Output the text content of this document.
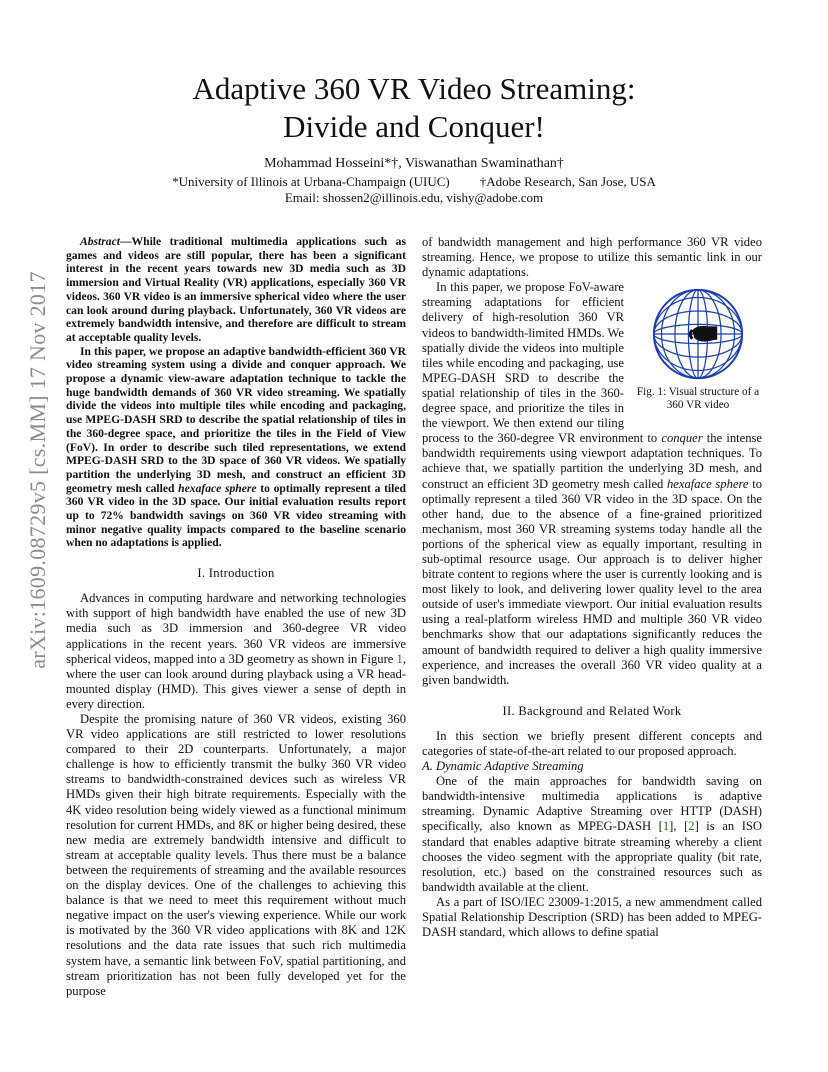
arXiv:1609.08729v5 [cs.MM] 17 Nov 2017
Adaptive 360 VR Video Streaming:
Divide and Conquer!
Mohammad Hosseini*†, Viswanathan Swaminathan†
*University of Illinois at Urbana-Champaign (UIUC) †Adobe Research, San Jose, USA
Email: shossen2@illinois.edu, vishy@adobe.com

Abstract—While traditional multimedia applications such as games and videos are still popular, there has been a significant interest in the recent years towards new 3D media such as 3D immersion and Virtual Reality (VR) applications, especially 360 VR videos. 360 VR video is an immersive spherical video where the user can look around during playback. Unfortunately, 360 VR videos are extremely bandwidth intensive, and therefore are difficult to stream at acceptable quality levels.

In this paper, we propose an adaptive bandwidth-efficient 360 VR video streaming system using a divide and conquer approach. We propose a dynamic view-aware adaptation technique to tackle the huge bandwidth demands of 360 VR video streaming. We spatially divide the videos into multiple tiles while encoding and packaging, use MPEG-DASH SRD to describe the spatial relationship of tiles in the 360-degree space, and prioritize the tiles in the Field of View (FoV). In order to describe such tiled representations, we extend MPEG-DASH SRD to the 3D space of 360 VR videos. We spatially partition the underlying 3D mesh, and construct an efficient 3D geometry mesh called hexaface sphere to optimally represent a tiled 360 VR video in the 3D space. Our initial evaluation results report up to 72% bandwidth savings on 360 VR video streaming with minor negative quality impacts compared to the baseline scenario when no adaptations is applied.

I. Introduction

Advances in computing hardware and networking technologies with support of high bandwidth have enabled the use of new 3D media such as 3D immersion and 360-degree VR video applications in the recent years. 360 VR videos are immersive spherical videos, mapped into a 3D geometry as shown in Figure 1, where the user can look around during playback using a VR head-mounted display (HMD). This gives viewer a sense of depth in every direction.

Despite the promising nature of 360 VR videos, existing 360 VR video applications are still restricted to lower resolutions compared to their 2D counterparts. Unfortunately, a major challenge is how to efficiently transmit the bulky 360 VR video streams to bandwidth-constrained devices such as wireless VR HMDs given their high bitrate requirements. Especially with the 4K video resolution being widely viewed as a functional minimum resolution for current HMDs, and 8K or higher being desired, these new media are extremely bandwidth intensive and difficult to stream at acceptable quality levels. Thus there must be a balance between the requirements of streaming and the available resources on the display devices. One of the challenges to achieving this balance is that we need to meet this requirement without much negative impact on the user's viewing experience. While our work is motivated by the 360 VR video applications with 8K and 12K resolutions and the data rate issues that such rich multimedia system have, a semantic link between FoV, spatial partitioning, and stream prioritization has not been fully developed yet for the purpose

of bandwidth management and high performance 360 VR video streaming. Hence, we propose to utilize this semantic link in our dynamic adaptations.

Fig. 1: Visual structure of a 360 VR video

In this paper, we propose FoV-aware streaming adaptations for efficient delivery of high-resolution 360 VR videos to bandwidth-limited HMDs. We spatially divide the videos into multiple tiles while encoding and packaging, use MPEG-DASH SRD to describe the spatial relationship of tiles in the 360-degree space, and prioritize the tiles in the viewport. We then extend our tiling process to the 360-degree VR environment to conquer the intense bandwidth requirements using viewport adaptation techniques. To achieve that, we spatially partition the underlying 3D mesh, and construct an efficient 3D geometry mesh called hexaface sphere to optimally represent a tiled 360 VR video in the 3D space. On the other hand, due to the absence of a fine-grained prioritized mechanism, most 360 VR streaming systems today handle all the portions of the spherical view as equally important, resulting in sub-optimal resource usage. Our approach is to deliver higher bitrate content to regions where the user is currently looking and is most likely to look, and delivering lower quality level to the area outside of user's immediate viewport. Our initial evaluation results using a real-platform wireless HMD and multiple 360 VR video benchmarks show that our adaptations significantly reduces the amount of bandwidth required to deliver a high quality immersive experience, and increases the overall 360 VR video quality at a given bandwidth.

II. Background and Related Work

In this section we briefly present different concepts and categories of state-of-the-art related to our proposed approach.

A. Dynamic Adaptive Streaming

One of the main approaches for bandwidth saving on bandwidth-intensive multimedia applications is adaptive streaming. Dynamic Adaptive Streaming over HTTP (DASH) specifically, also known as MPEG-DASH [1], [2] is an ISO standard that enables adaptive bitrate streaming whereby a client chooses the video segment with the appropriate quality (bit rate, resolution, etc.) based on the constrained resources such as bandwidth available at the client.

As a part of ISO/IEC 23009-1:2015, a new ammendment called Spatial Relationship Description (SRD) has been added to MPEG-DASH standard, which allows to define spatial
